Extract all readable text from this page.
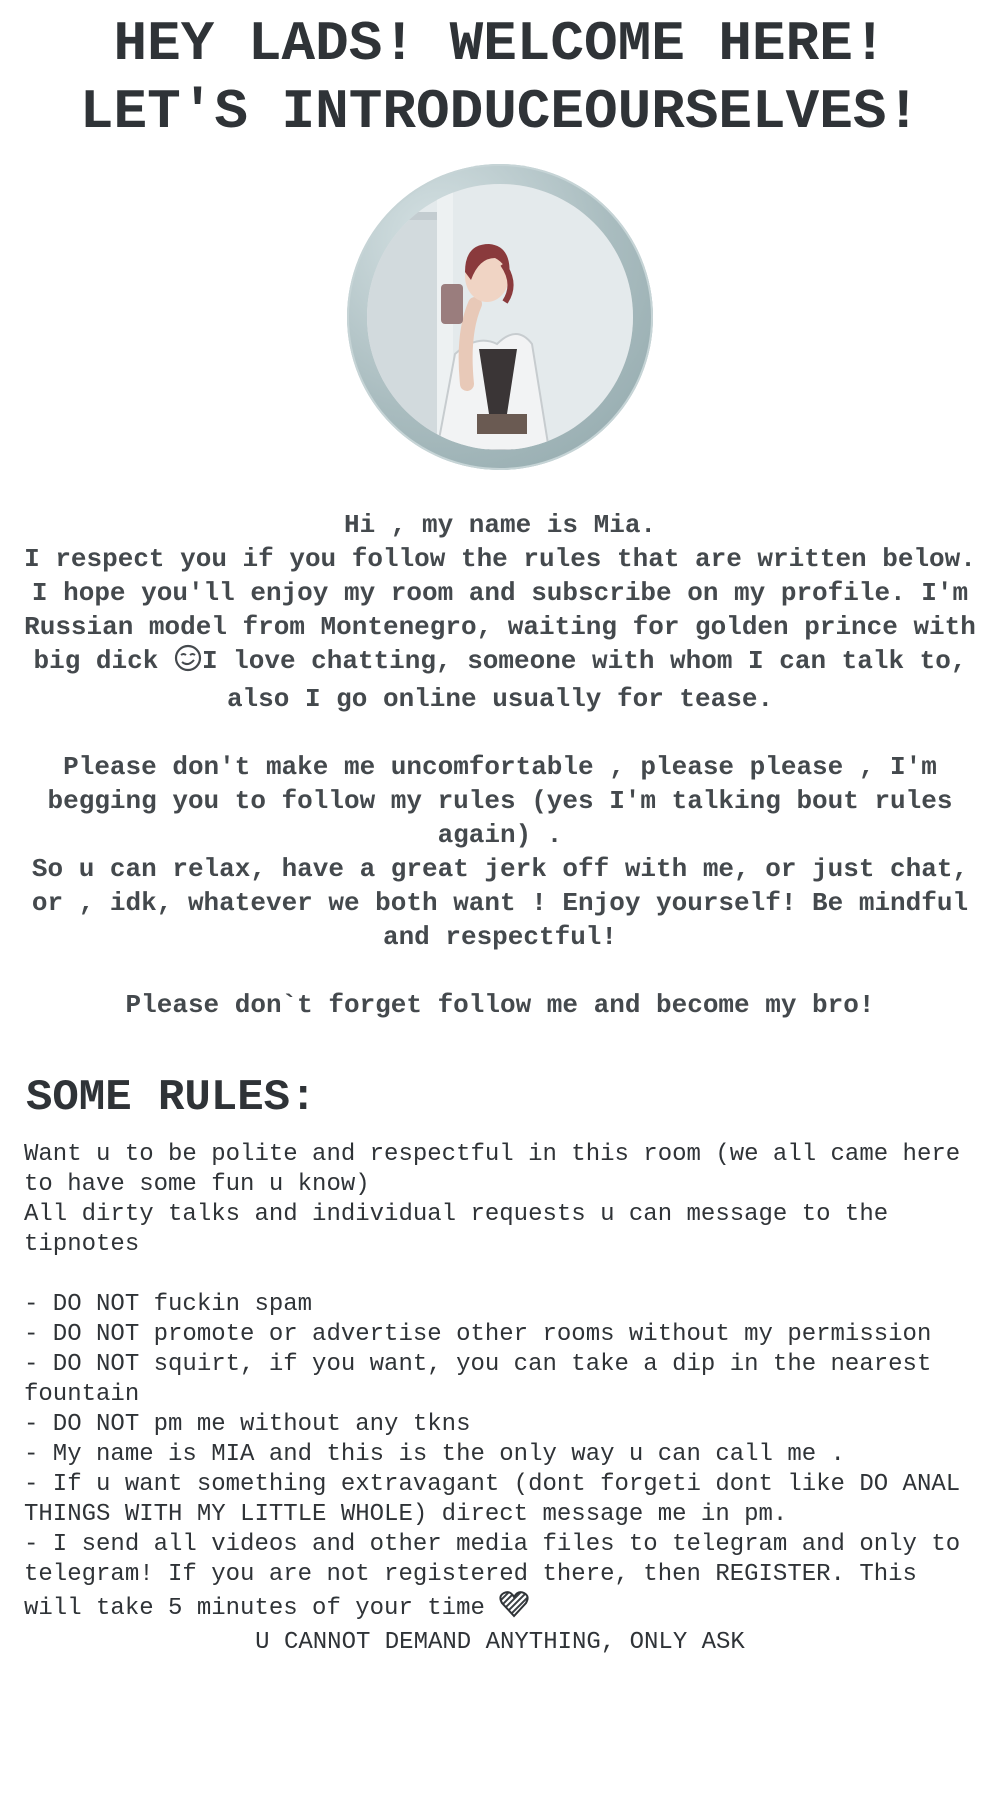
HEY LADS! WELCOME HERE!
LET'S INTRODUCEOURSELVES!

Hi , my name is Mia.

I respect you if you follow the rules that are written below. I hope you'll enjoy my room and subscribe on my profile. I'm Russian model from Montenegro, waiting for golden prince with big dick I love chatting, someone with whom I can talk to, also I go online usually for tease.

Please don't make me uncomfortable , please please , I'm begging you to follow my rules (yes I'm talking bout rules again) .

So u can relax, have a great jerk off with me, or just chat, or , idk, whatever we both want ! Enjoy yourself! Be mindful and respectful!

Please don`t forget follow me and become my bro!

SOME RULES:

Want u to be polite and respectful in this room (we all came here to have some fun u know)

All dirty talks and individual requests u can message to the tipnotes

- DO NOT fuckin spam

- DO NOT promote or advertise other rooms without my permission

- DO NOT squirt, if you want, you can take a dip in the nearest fountain

- DO NOT pm me without any tkns

- My name is MIA and this is the only way u can call me .

- If u want something extravagant (dont forgeti dont like DO ANAL THINGS WITH MY LITTLE WHOLE) direct message me in pm.

- I send all videos and other media files to telegram and only to telegram! If you are not registered there, then REGISTER. This will take 5 minutes of your time

U CANNOT DEMAND ANYTHING, ONLY ASK
